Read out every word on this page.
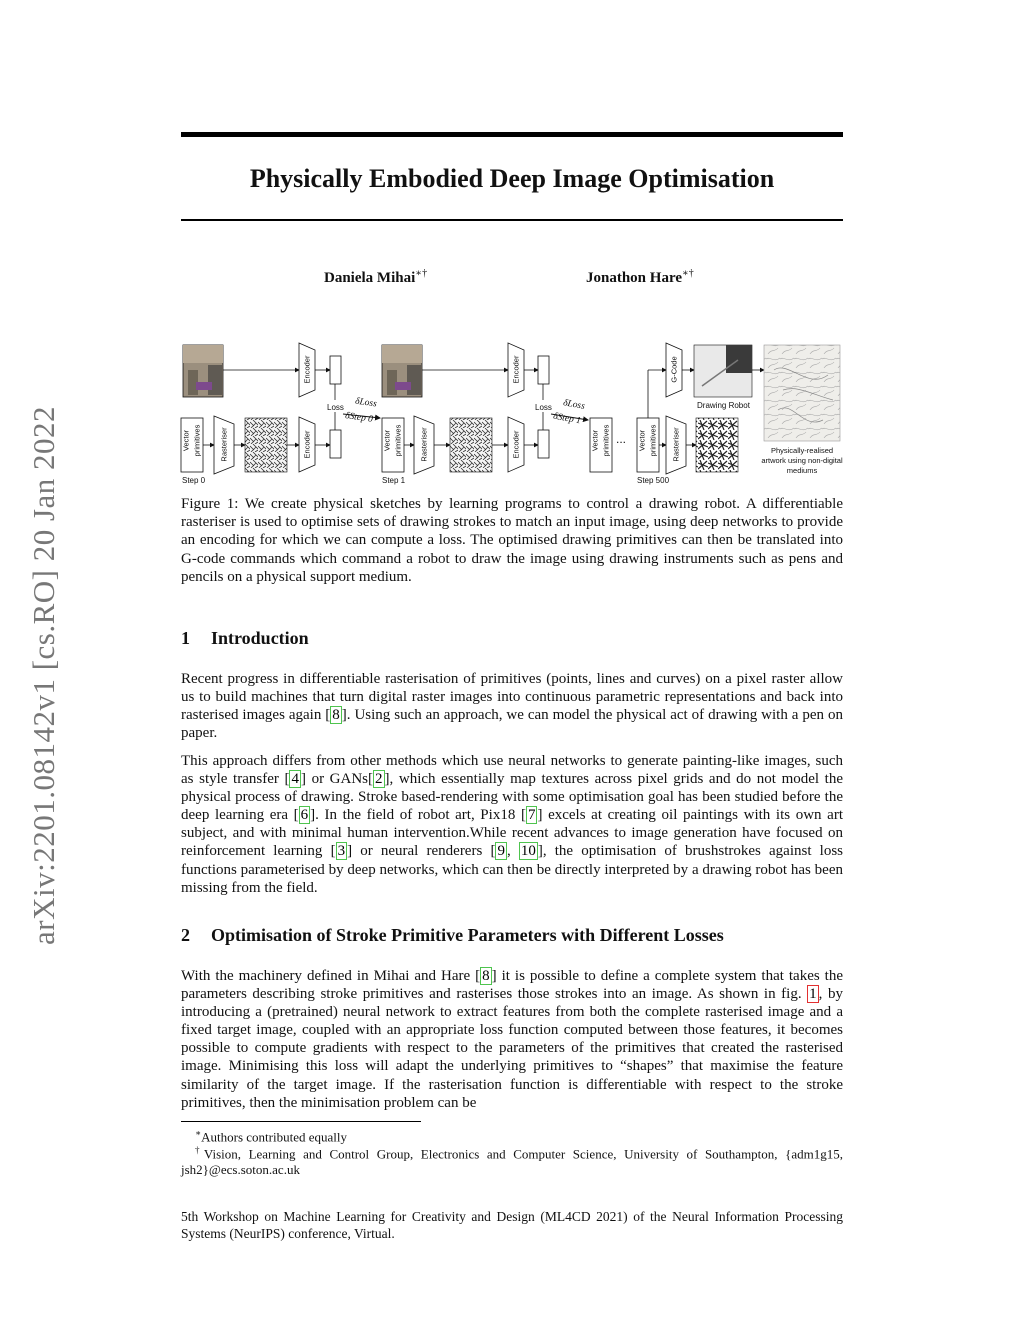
arXiv:2201.08142v1 [cs.RO] 20 Jan 2022
Physically Embodied Deep Image Optimisation
Daniela Mihai∗†	Jonathon Hare∗†
Loss δLoss
δStep 0
Loss δLoss
δStep 1
Encoder
Encoder
Encoder
Encoder
G-Code
Vector primitives Rasteriser	Vector primitives Rasteriser	Vector primitives ... Vector primitives Rasteriser
Drawing Robot
Step 0	Step 1	Step 500
Physically-realised
artwork using non-digital
mediums
Figure 1: We create physical sketches by learning programs to control a drawing robot. A differentiable rasteriser is used to optimise sets of drawing strokes to match an input image, using deep networks to provide an encoding for which we can compute a loss. The optimised drawing primitives can then be translated into G-code commands which command a robot to draw the image using drawing instruments such as pens and pencils on a physical support medium.
1 Introduction
Recent progress in differentiable rasterisation of primitives (points, lines and curves) on a pixel raster allow us to build machines that turn digital raster images into continuous parametric representations and back into rasterised images again [ 8 ]. Using such an approach, we can model the physical act of drawing with a pen on paper.
This approach differs from other methods which use neural networks to generate painting-like images, such as style transfer [ 4 ] or GANs[ 2 ], which essentially map textures across pixel grids and do not model the physical process of drawing. Stroke based-rendering with some optimisation goal has been studied before the deep learning era [ 6 ]. In the field of robot art, Pix18 [ 7 ] excels at creating oil paintings with its own art subject, and with minimal human intervention.While recent advances to image generation have focused on reinforcement learning [ 3 ] or neural renderers [ 9 , 10 ], the optimisation of brushstrokes against loss functions parameterised by deep networks, which can then be directly interpreted by a drawing robot has been missing from the field.
2 Optimisation of Stroke Primitive Parameters with Different Losses
With the machinery defined in Mihai and Hare [ 8 ] it is possible to define a complete system that takes the parameters describing stroke primitives and rasterises those strokes into an image. As shown in fig. 1 , by introducing a (pretrained) neural network to extract features from both the complete rasterised image and a fixed target image, coupled with an appropriate loss function computed between those features, it becomes possible to compute gradients with respect to the parameters of the primitives that created the rasterised image. Minimising this loss will adapt the underlying primitives to “shapes” that maximise the feature similarity of the target image. If the rasterisation function is differentiable with respect to the stroke primitives, then the minimisation problem can be
∗Authors contributed equally
†Vision, Learning and Control Group, Electronics and Computer Science, University of Southampton, {adm1g15, jsh2}@ecs.soton.ac.uk
5th Workshop on Machine Learning for Creativity and Design (ML4CD 2021) of the Neural Information Processing Systems (NeurIPS) conference, Virtual.
